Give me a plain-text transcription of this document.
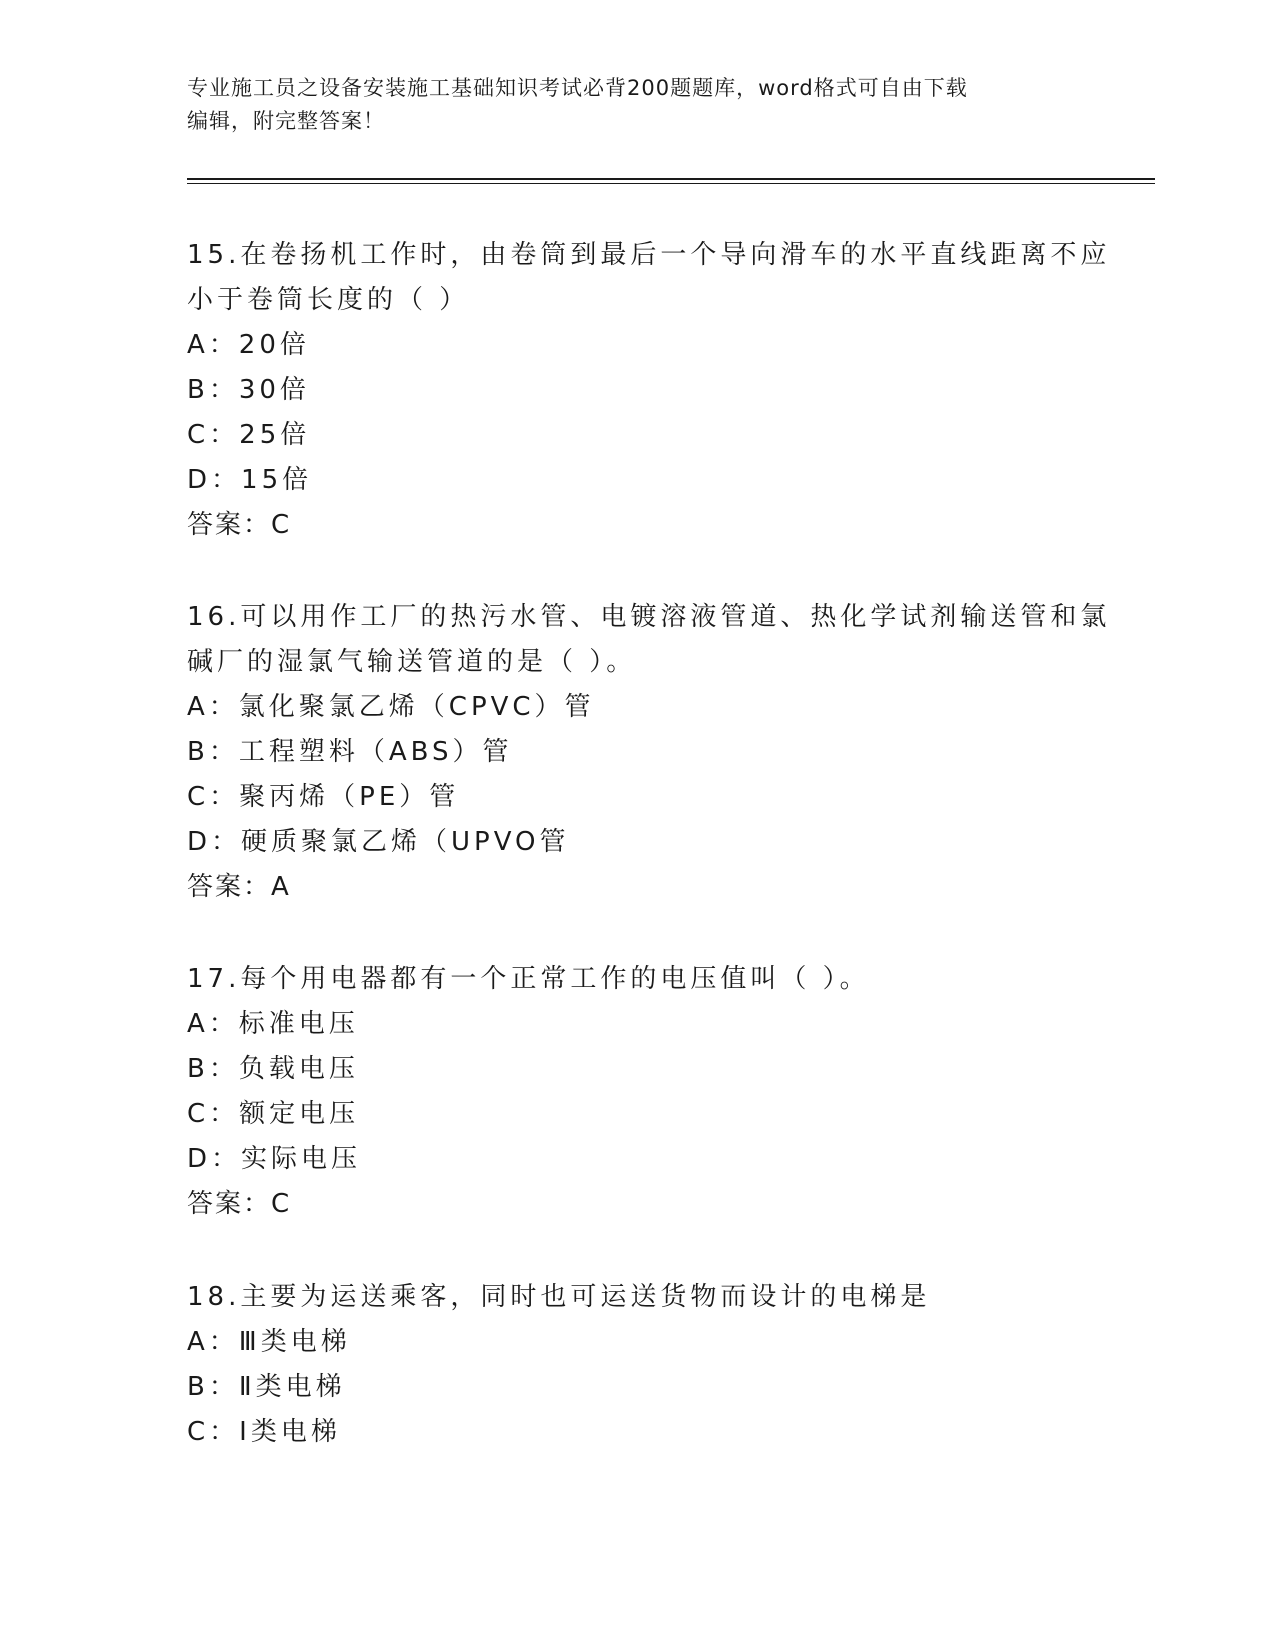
专业施工员之设备安装施工基础知识考试必背200题题库，word格式可自由下载
编辑，附完整答案！
15.在卷扬机工作时，由卷筒到最后一个导向滑车的水平直线距离不应
小于卷筒长度的（ ）
A：20倍
B：30倍
C：25倍
D：15倍
答案：C
16.可以用作工厂的热污水管、电镀溶液管道、热化学试剂输送管和氯
碱厂的湿氯气输送管道的是（ ）。
A：氯化聚氯乙烯（CPVC）管
B：工程塑料（ABS）管
C：聚丙烯（PE）管
D：硬质聚氯乙烯（UPVO管
答案：A
17.每个用电器都有一个正常工作的电压值叫（ ）。
A：标准电压
B：负载电压
C：额定电压
D：实际电压
答案：C
18.主要为运送乘客，同时也可运送货物而设计的电梯是
A：Ⅲ类电梯
B：Ⅱ类电梯
C：Ⅰ类电梯
